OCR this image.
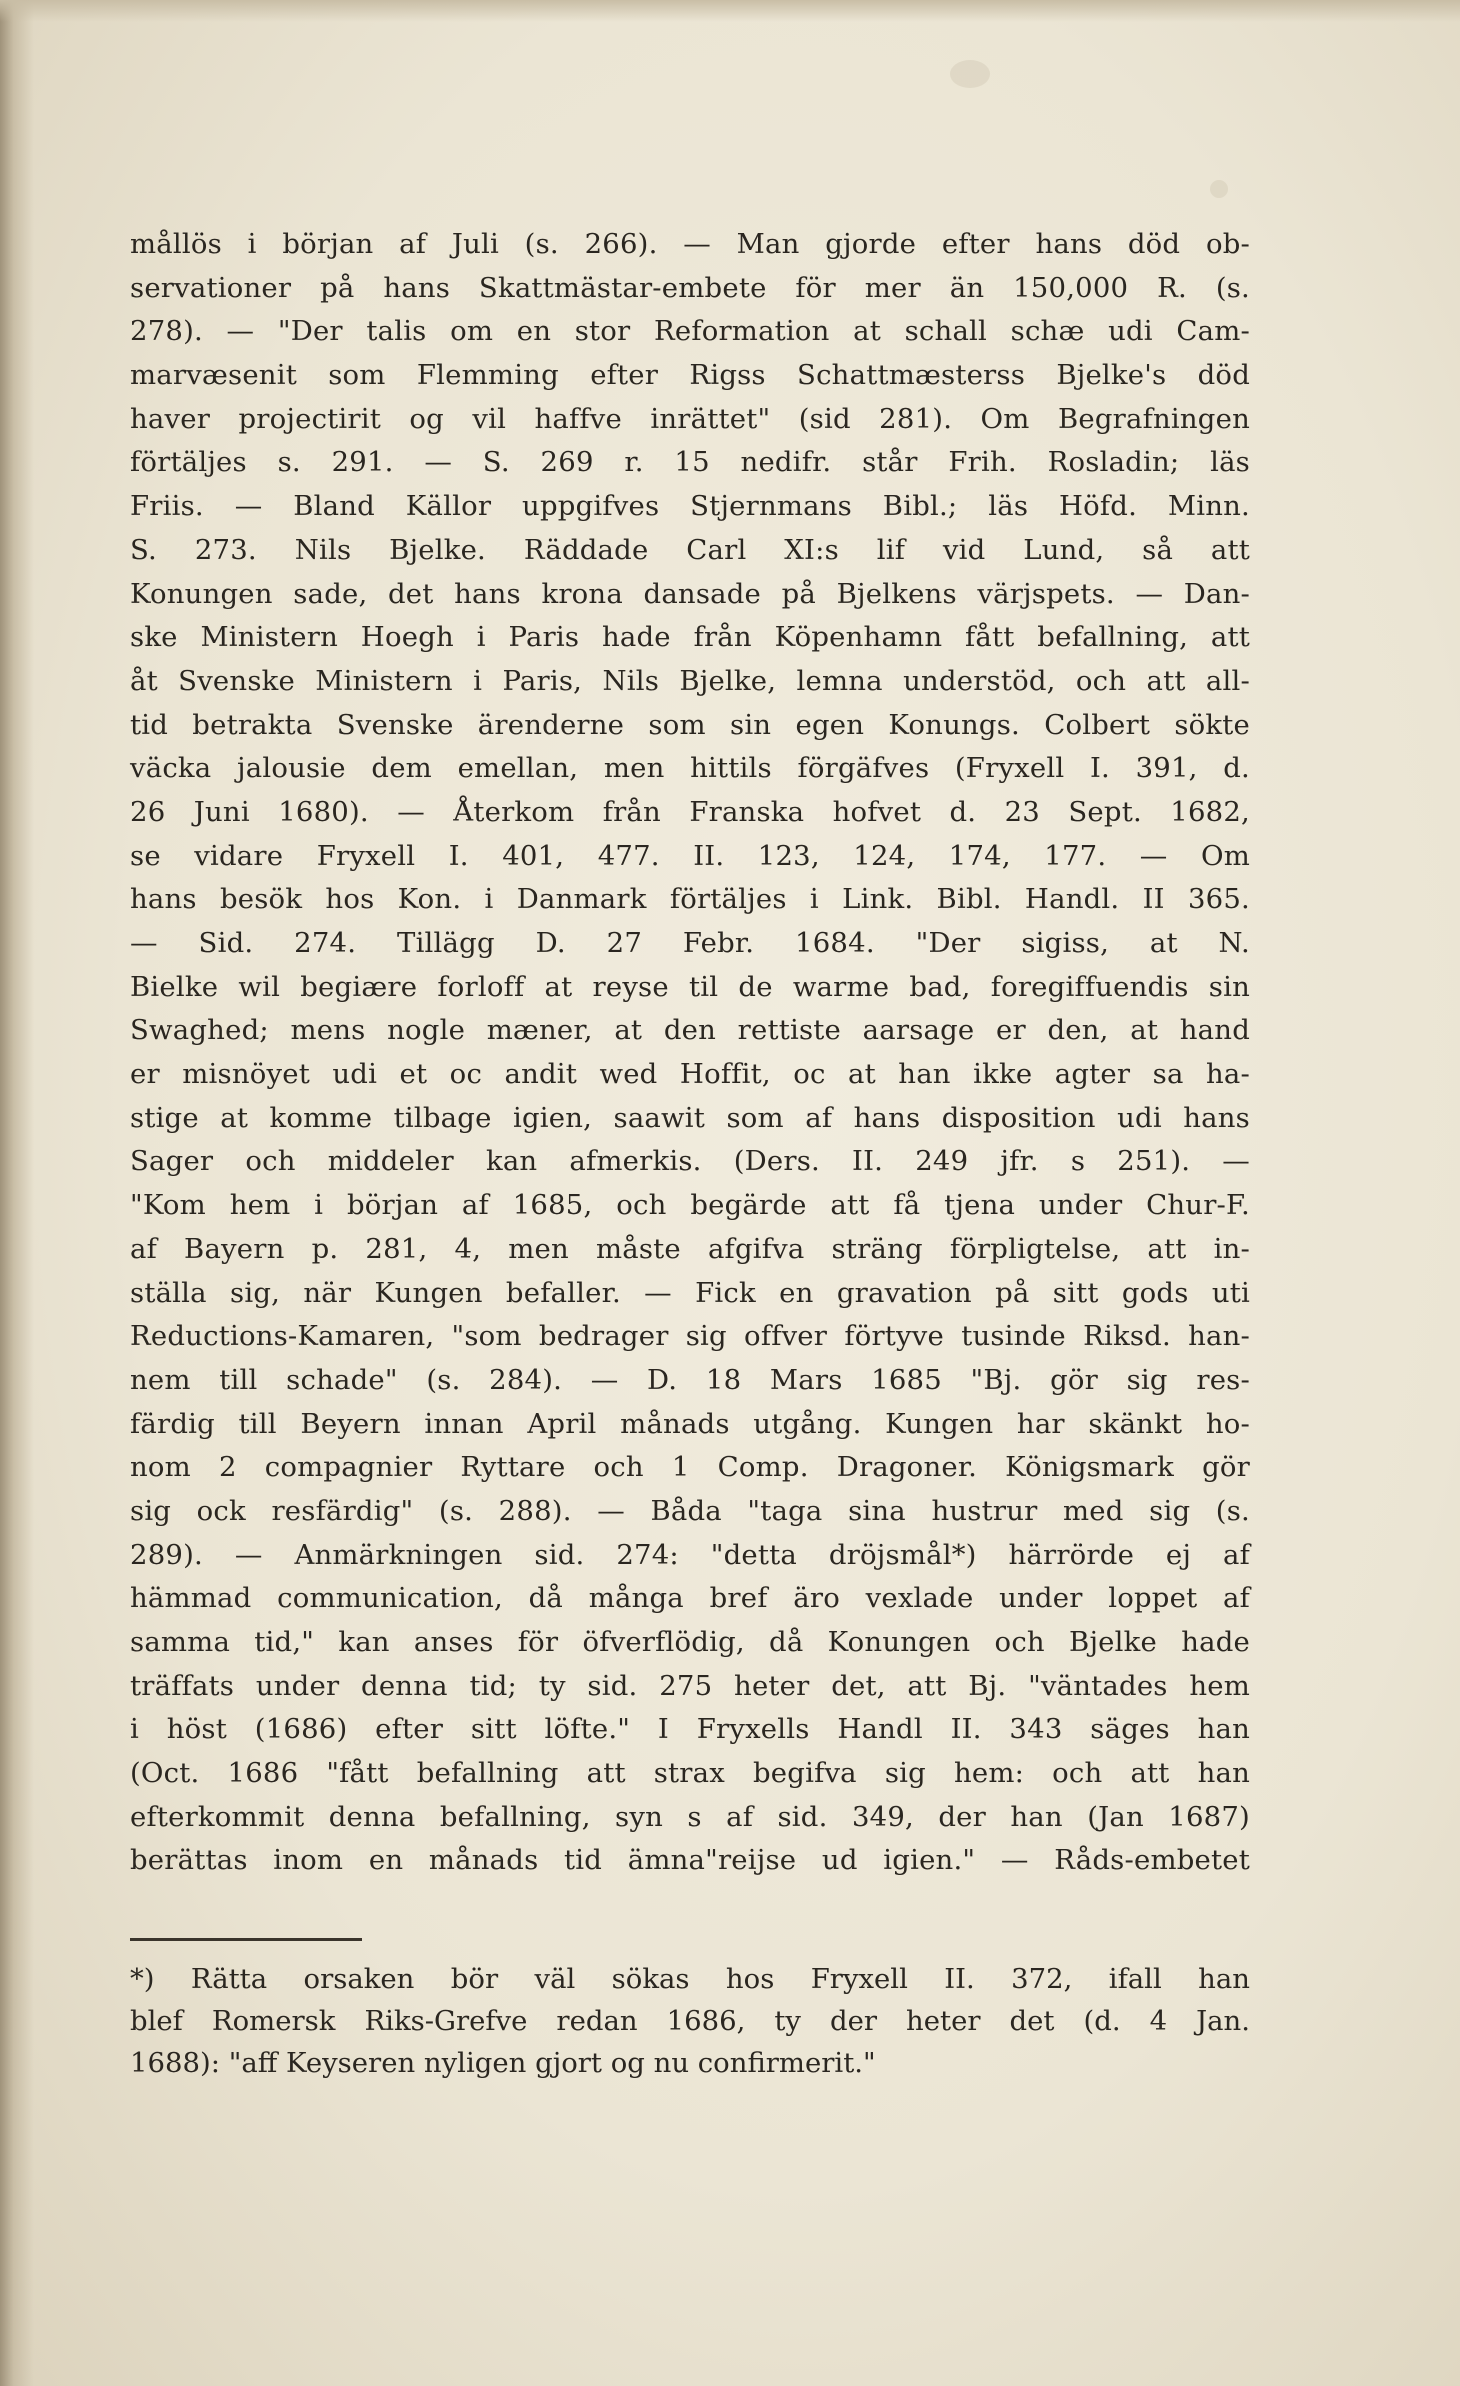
mållös i början af Juli (s. 266). — Man gjorde efter hans död ob-
servationer på hans Skattmästar-embete för mer än 150,000 R. (s.
278). — "Der talis om en stor Reformation at schall schæ udi Cam-
marvæsenit som Flemming efter Rigss Schattmæsterss Bjelke's död
haver projectirit og vil haffve inrättet" (sid 281). Om Begrafningen
förtäljes s. 291. — S. 269 r. 15 nedifr. står Frih. Rosladin; läs
Friis. — Bland Källor uppgifves Stjernmans Bibl.; läs Höfd. Minn.
S. 273. Nils Bjelke. Räddade Carl XI:s lif vid Lund, så att
Konungen sade, det hans krona dansade på Bjelkens värjspets. — Dan-
ske Ministern Hoegh i Paris hade från Köpenhamn fått befallning, att
åt Svenske Ministern i Paris, Nils Bjelke, lemna understöd, och att all-
tid betrakta Svenske ärenderne som sin egen Konungs. Colbert sökte
väcka jalousie dem emellan, men hittils förgäfves (Fryxell I. 391, d.
26 Juni 1680). — Återkom från Franska hofvet d. 23 Sept. 1682,
se vidare Fryxell I. 401, 477. II. 123, 124, 174, 177. — Om
hans besök hos Kon. i Danmark förtäljes i Link. Bibl. Handl. II 365.
— Sid. 274. Tillägg D. 27 Febr. 1684. "Der sigiss, at N.
Bielke wil begiære forloff at reyse til de warme bad, foregiffuendis sin
Swaghed; mens nogle mæner, at den rettiste aarsage er den, at hand
er misnöyet udi et oc andit wed Hoffit, oc at han ikke agter sa ha-
stige at komme tilbage igien, saawit som af hans disposition udi hans
Sager och middeler kan afmerkis. (Ders. II. 249 jfr. s 251). —
"Kom hem i början af 1685, och begärde att få tjena under Chur-F.
af Bayern p. 281, 4, men måste afgifva sträng förpligtelse, att in-
ställa sig, när Kungen befaller. — Fick en gravation på sitt gods uti
Reductions-Kamaren, "som bedrager sig offver förtyve tusinde Riksd. han-
nem till schade" (s. 284). — D. 18 Mars 1685 "Bj. gör sig res-
färdig till Beyern innan April månads utgång. Kungen har skänkt ho-
nom 2 compagnier Ryttare och 1 Comp. Dragoner. Königsmark gör
sig ock resfärdig" (s. 288). — Båda "taga sina hustrur med sig (s.
289). — Anmärkningen sid. 274: "detta dröjsmål*) härrörde ej af
hämmad communication, då många bref äro vexlade under loppet af
samma tid," kan anses för öfverflödig, då Konungen och Bjelke hade
träffats under denna tid; ty sid. 275 heter det, att Bj. "väntades hem
i höst (1686) efter sitt löfte." I Fryxells Handl II. 343 säges han
(Oct. 1686 "fått befallning att strax begifva sig hem: och att han
efterkommit denna befallning, syn s af sid. 349, der han (Jan 1687)
berättas inom en månads tid ämna"reijse ud igien." — Råds-embetet
*) Rätta orsaken bör väl sökas hos Fryxell II. 372, ifall han
blef Romersk Riks-Grefve redan 1686, ty der heter det (d. 4 Jan.
1688): "aff Keyseren nyligen gjort og nu confirmerit."
